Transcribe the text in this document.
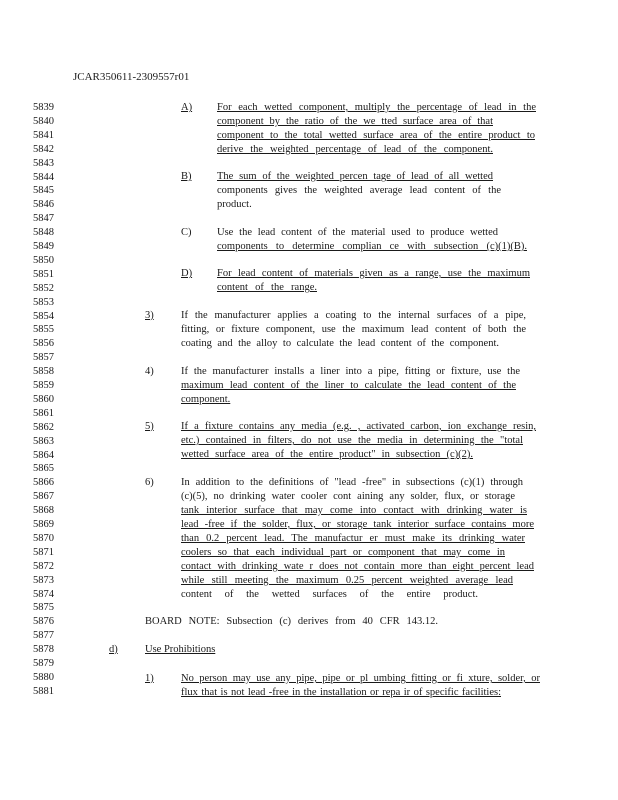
JCAR350611-2309557r01
5839
5840
5841
5842
5843
5844
5845
5846
5847
5848
5849
5850
5851
5852
5853
5854
5855
5856
5857
5858
5859
5860
5861
5862
5863
5864
5865
5866
5867
5868
5869
5870
5871
5872
5873
5874
5875
5876
5877
5878
5879
5880
5881
A) For each wetted component, multiply the percentage of lead in the
component by the ratio of the we tted surface area of that
component to the total wetted surface area of the entire product to
derive the weighted percentage of lead of the component.
B) The sum of the weighted percen tage of lead of all wetted
components gives the weighted average lead content of the
product.
C) Use the lead content of the material used to produce wetted
components to determine complian ce with subsection (c)(1)(B).
D) For lead content of materials given as a range, use the maximum
content of the range.
3)	If the manufacturer applies a coating to the internal surfaces of a pipe,
fitting, or fixture component, use the maximum lead content of both the
coating and the alloy to calculate the lead content of the component.
4)	If the manufacturer installs a liner into a pipe, fitting or fixture, use the
maximum lead content of the liner to calculate the lead content of the
component.
5)	If a fixture contains any media (e.g. , activated carbon, ion exchange resin,
etc.) contained in filters, do not use the media in determining the "total
wetted surface area of the entire product" in subsection (c)(2).
6)	In addition to the definitions of "lead -free" in subsections (c)(1) through
(c)(5), no drinking water cooler cont aining any solder, flux, or storage
tank interior surface that may come into contact with drinking water is
lead -free if the solder, flux, or storage tank interior surface contains more
than 0.2 percent lead. The manufactur er must make its drinking water
coolers so that each individual part or component that may come in
contact with drinking wate r does not contain more than eight percent lead
while still meeting the maximum 0.25 percent weighted average lead
content of the wetted surfaces of the entire product.
BOARD NOTE: Subsection (c) derives from 40 CFR 143.12.
d)	Use Prohibitions
1)	No person may use any pipe, pipe or pl umbing fitting or fi xture, solder, or
flux that is not lead -free in the installation or repa ir of specific facilities:
